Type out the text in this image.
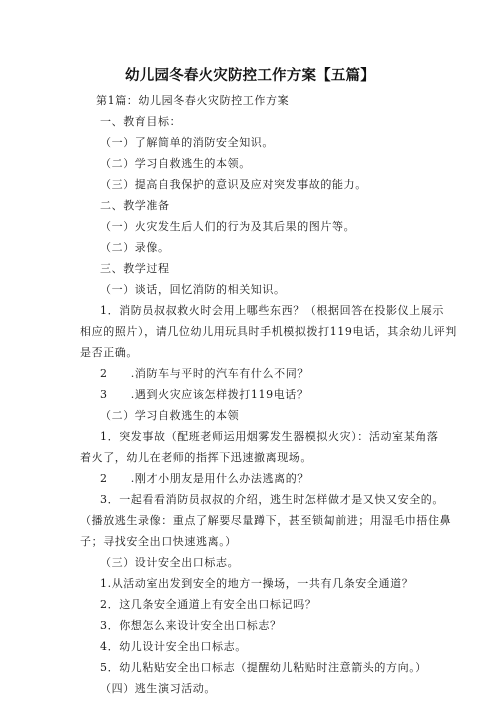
幼儿园冬春火灾防控工作方案【五篇】
第1篇：幼儿园冬春火灾防控工作方案
一、教育目标：
（一）了解简单的消防安全知识。
（二）学习自救逃生的本领。
（三）提高自我保护的意识及应对突发事故的能力。
二、教学准备
（一）火灾发生后人们的行为及其后果的图片等。
（二）录像。
三、教学过程
（一）谈话，回忆消防的相关知识。
1．消防员叔叔救火时会用上哪些东西？（根据回答在投影仪上展示
相应的照片），请几位幼儿用玩具时手机模拟拨打119电话，其余幼儿评判
是否正确。
2　　.消防车与平时的汽车有什么不同？
3　　.遇到火灾应该怎样拨打119电话？
（二）学习自救逃生的本领
1．突发事故（配班老师运用烟雾发生器模拟火灾）：活动室某角落
着火了，幼儿在老师的指挥下迅速撤离现场。
2　　.刚才小朋友是用什么办法逃离的？
3．一起看看消防员叔叔的介绍，逃生时怎样做才是又快又安全的。
（播放逃生录像：重点了解要尽量蹲下，甚至锁匐前进；用湿毛巾捂住鼻
子；寻找安全出口快速逃离。）
（三）设计安全出口标志。
1.从活动室出发到安全的地方一操场，一共有几条安全通道？
2．这几条安全通道上有安全出口标记吗？
3．你想怎么来设计安全出口标志？
4．幼儿设计安全出口标志。
5．幼儿粘贴安全出口标志（提醒幼儿粘贴时注意箭头的方向。）
（四）逃生演习活动。
